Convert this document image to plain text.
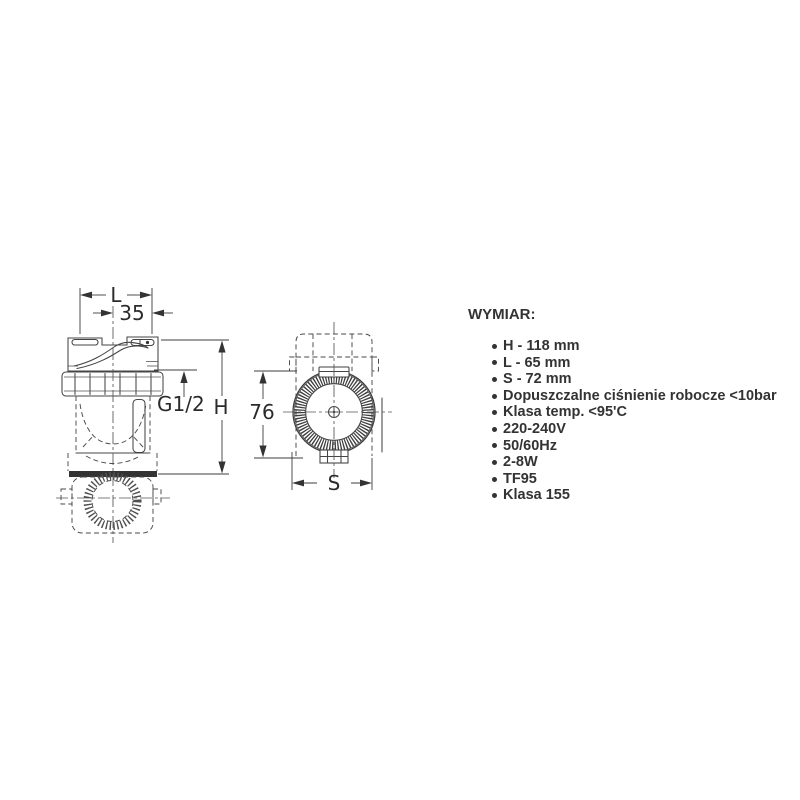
L
35
H
G1/2 76
S
WYMIAR:
H - 118 mm
L - 65 mm
S - 72 mm
Dopuszczalne ciśnienie robocze <10bar
Klasa temp. <95'C
220-240V
50/60Hz
2-8W
TF95
Klasa 155
